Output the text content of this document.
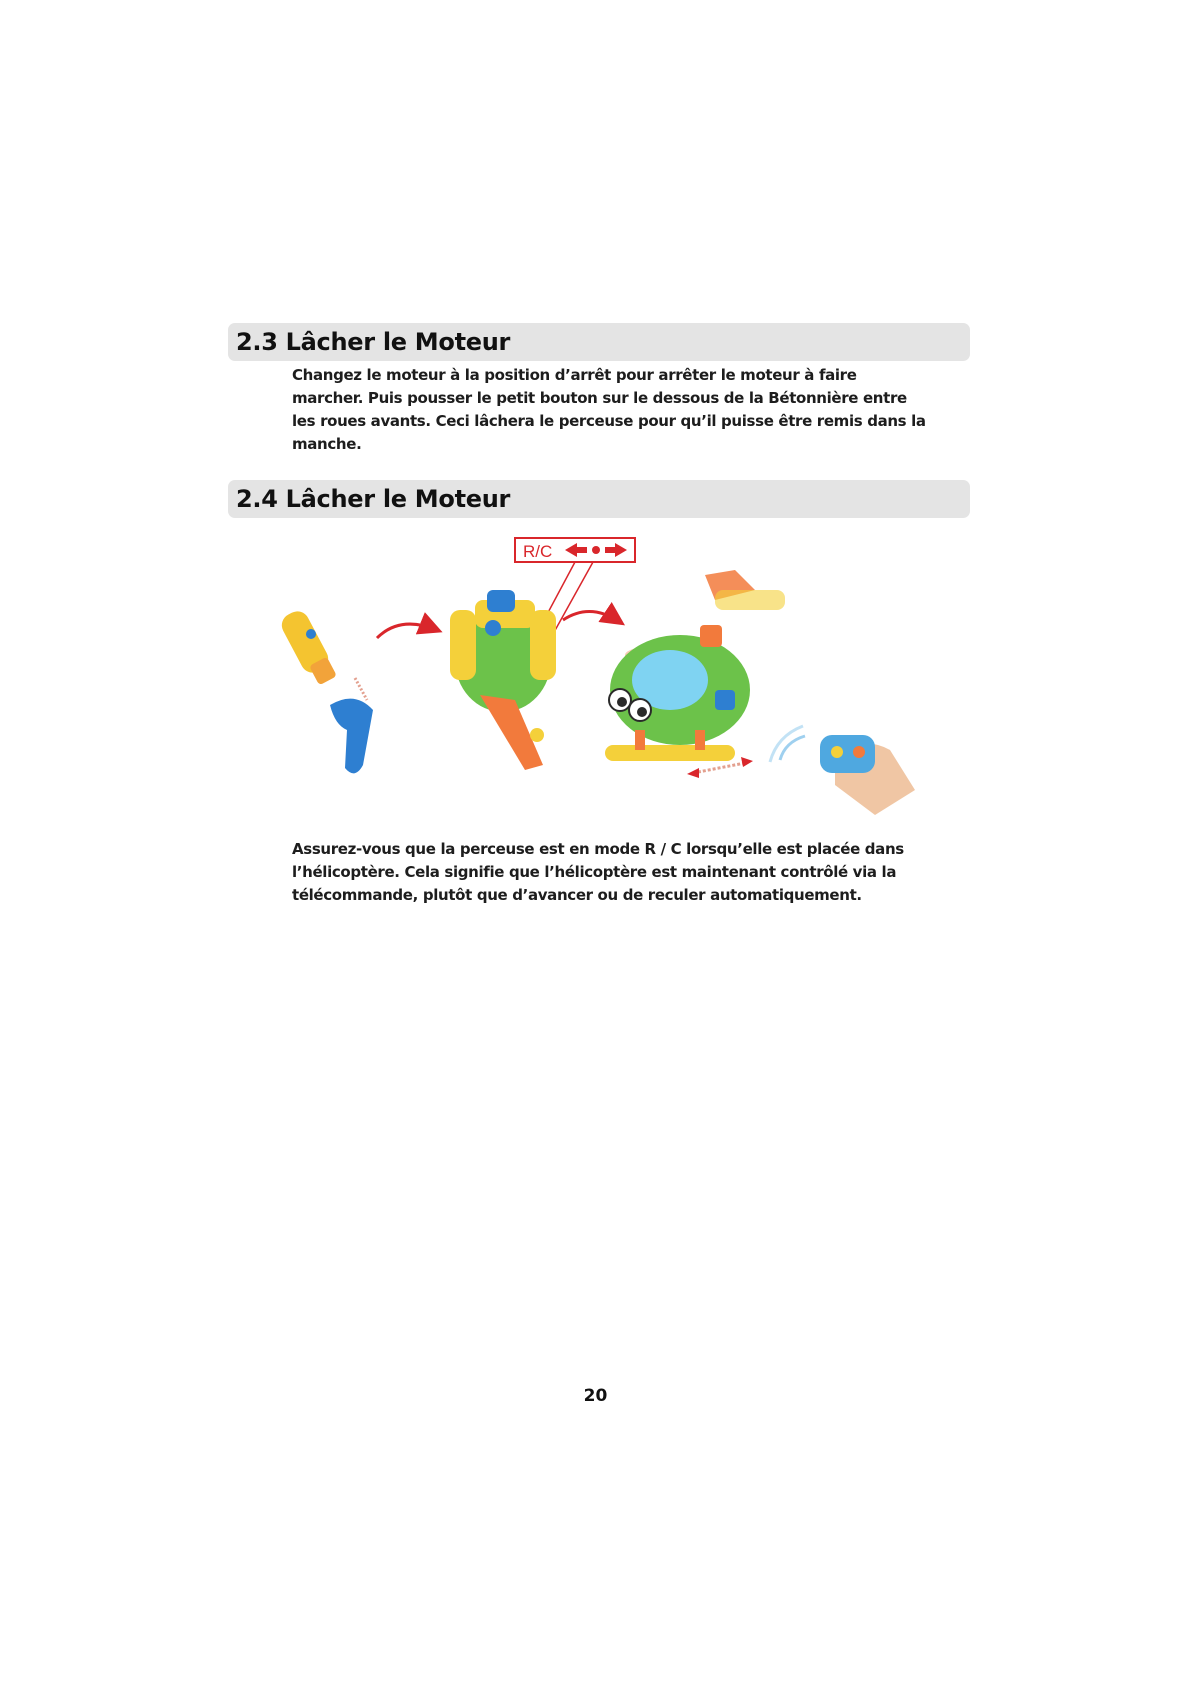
2.3 Lâcher le Moteur

Changez le moteur à la position d’arrêt pour arrêter le moteur à faire marcher. Puis pousser le petit bouton sur le dessous de la Bétonnière entre les roues avants. Ceci lâchera le perceuse pour qu’il puisse être remis dans la manche.

2.4 Lâcher le Moteur
R/C

Assurez-vous que la perceuse est en mode R / C lorsqu’elle est placée dans l’hélicoptère. Cela signifie que l’hélicoptère est maintenant contrôlé via la télécommande, plutôt que d’avancer ou de reculer automatiquement.

20
